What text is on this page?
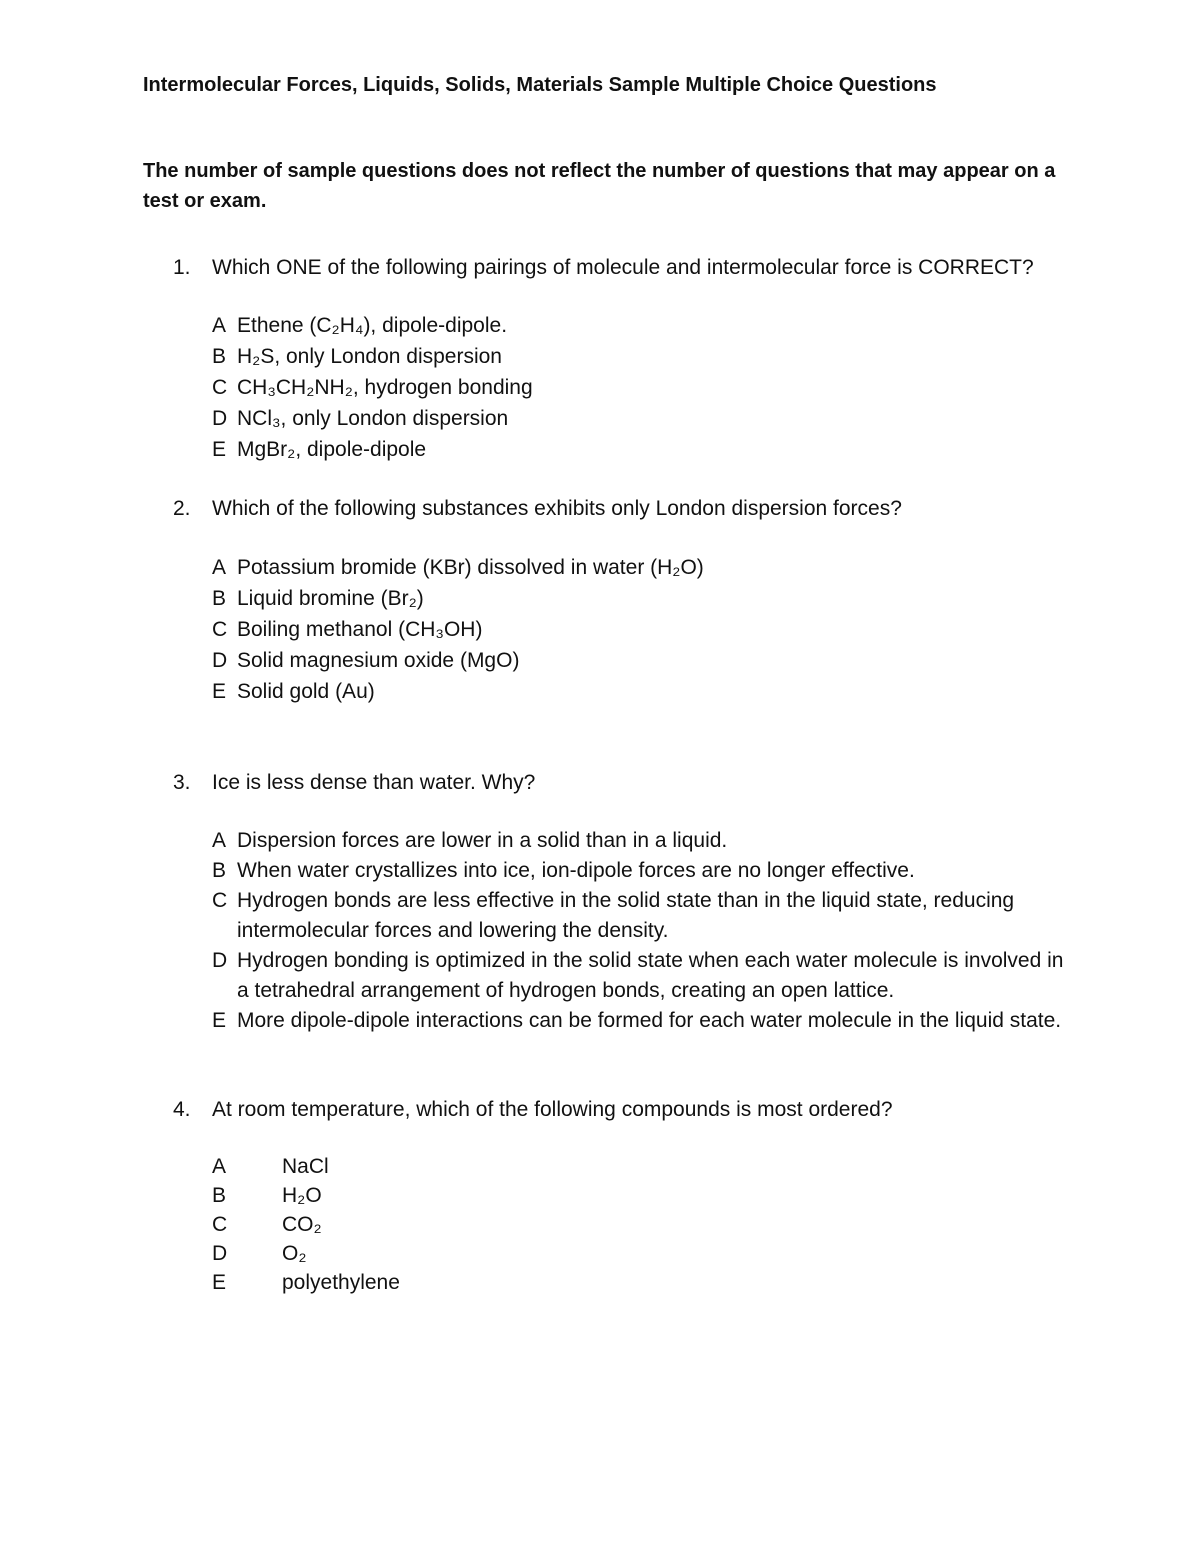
Intermolecular Forces, Liquids, Solids, Materials Sample Multiple Choice Questions
The number of sample questions does not reflect the number of questions that may appear on a test or exam.
1. Which ONE of the following pairings of molecule and intermolecular force is CORRECT?
A Ethene (C₂H₄), dipole-dipole.
B H₂S, only London dispersion
C CH₃CH₂NH₂, hydrogen bonding
D NCl₃, only London dispersion
E MgBr₂, dipole-dipole
2. Which of the following substances exhibits only London dispersion forces?
A Potassium bromide (KBr) dissolved in water (H₂O)
B Liquid bromine (Br₂)
C Boiling methanol (CH₃OH)
D Solid magnesium oxide (MgO)
E Solid gold (Au)
3. Ice is less dense than water. Why?
A Dispersion forces are lower in a solid than in a liquid.
B When water crystallizes into ice, ion-dipole forces are no longer effective.
C Hydrogen bonds are less effective in the solid state than in the liquid state, reducing intermolecular forces and lowering the density.
D Hydrogen bonding is optimized in the solid state when each water molecule is involved in a tetrahedral arrangement of hydrogen bonds, creating an open lattice.
E More dipole-dipole interactions can be formed for each water molecule in the liquid state.
4. At room temperature, which of the following compounds is most ordered?
A	NaCl
B	H₂O
C	CO₂
D	O₂
E	polyethylene
